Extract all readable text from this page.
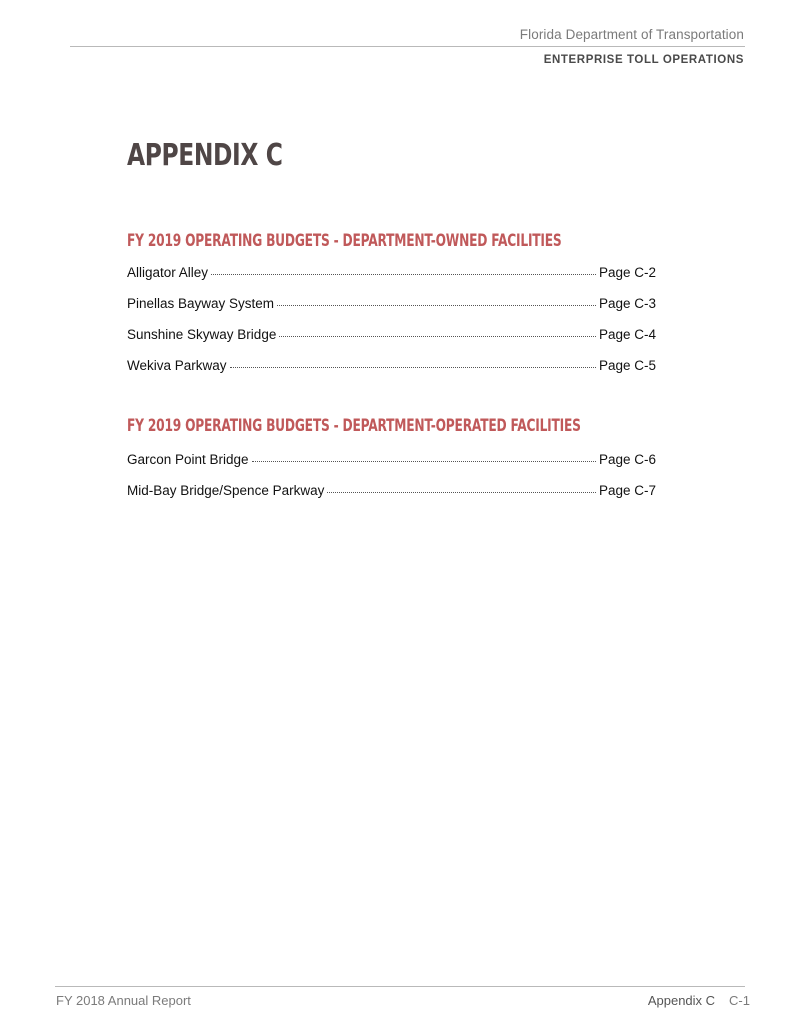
Florida Department of Transportation
ENTERPRISE TOLL OPERATIONS
APPENDIX C
FY 2019 OPERATING BUDGETS - DEPARTMENT-OWNED FACILITIES
Alligator Alley	Page C-2
Pinellas Bayway System	Page C-3
Sunshine Skyway Bridge	Page C-4
Wekiva Parkway	Page C-5
FY 2019 OPERATING BUDGETS - DEPARTMENT-OPERATED FACILITIES
Garcon Point Bridge	Page C-6
Mid-Bay Bridge/Spence Parkway	Page C-7
FY 2018 Annual Report	Appendix C C-1
